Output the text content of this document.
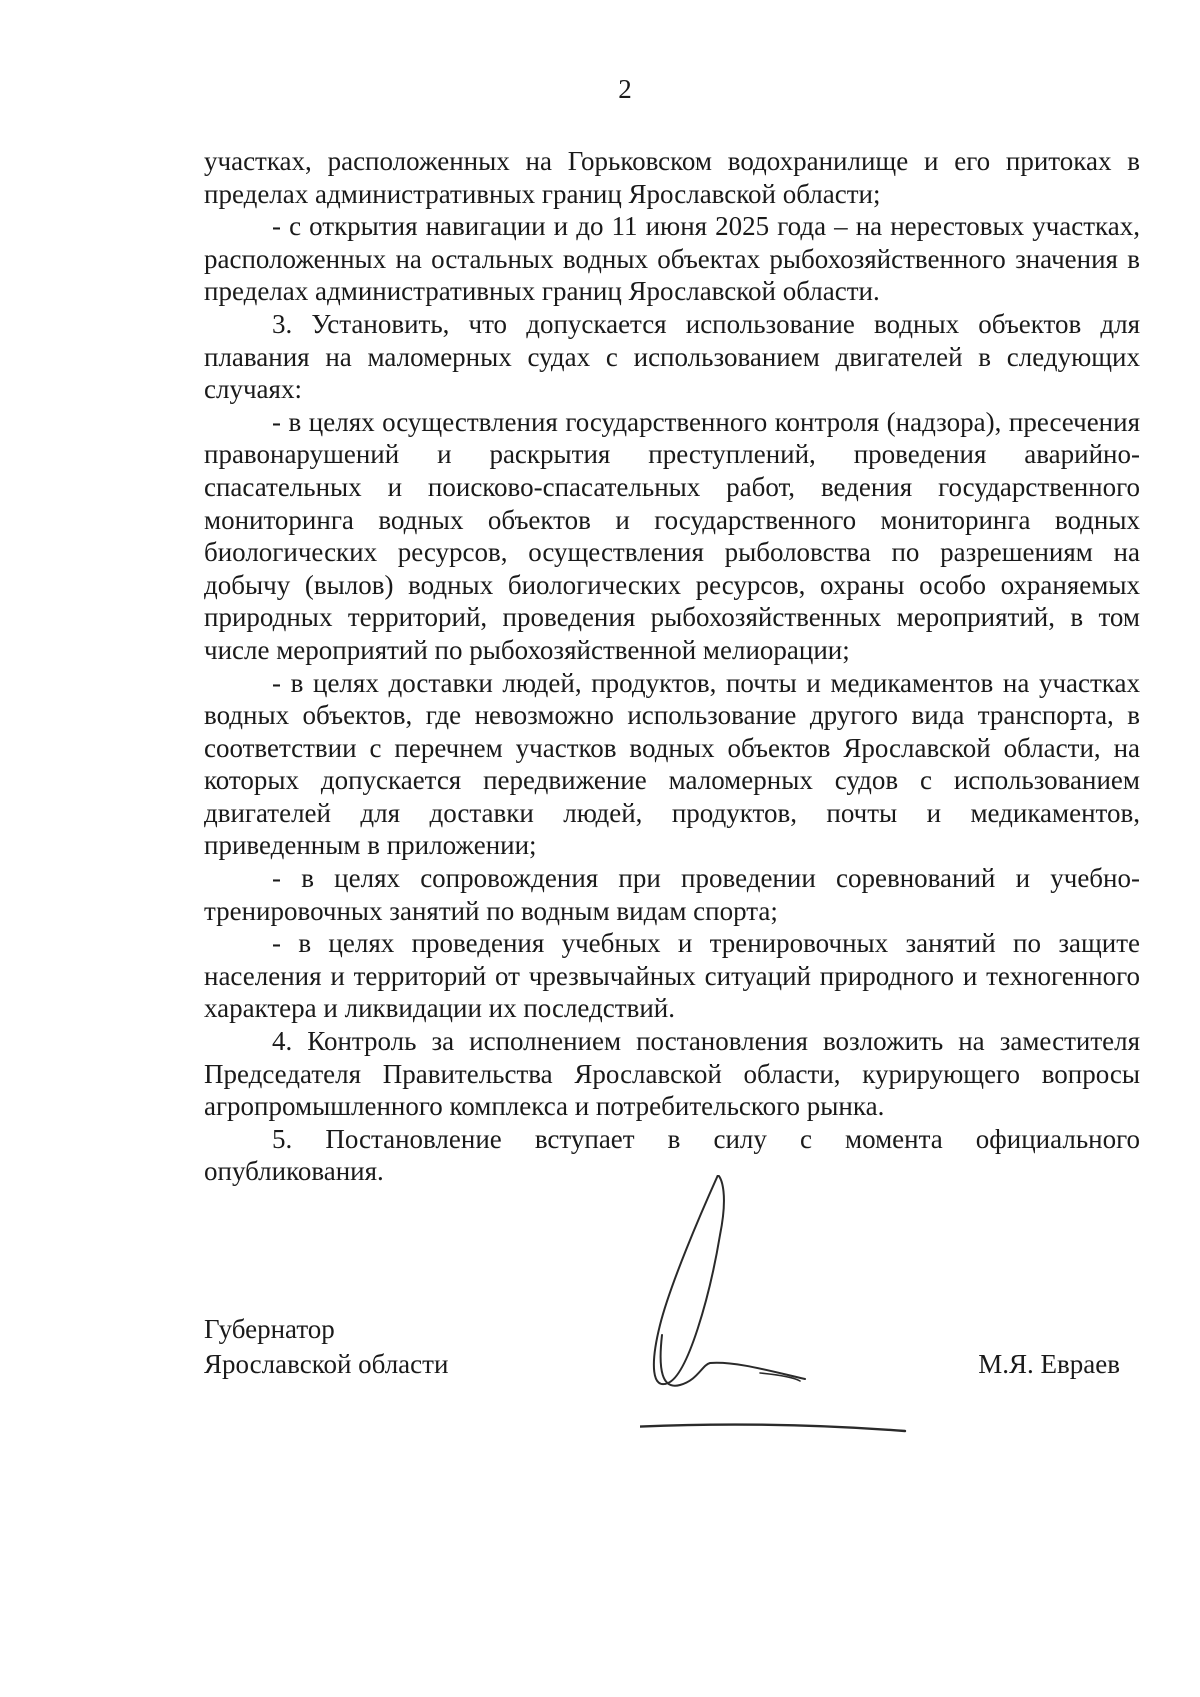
2

участках, расположенных на Горьковском водохранилище и его притоках в пределах административных границ Ярославской области;

- с открытия навигации и до 11 июня 2025 года – на нерестовых участках, расположенных на остальных водных объектах рыбохозяйственного значения в пределах административных границ Ярославской области.

3. Установить, что допускается использование водных объектов для плавания на маломерных судах с использованием двигателей в следующих случаях:

- в целях осуществления государственного контроля (надзора), пресечения правонарушений и раскрытия преступлений, проведения аварийно-спасательных и поисково-спасательных работ, ведения государственного мониторинга водных объектов и государственного мониторинга водных биологических ресурсов, осуществления рыболовства по разрешениям на добычу (вылов) водных биологических ресурсов, охраны особо охраняемых природных территорий, проведения рыбохозяйственных мероприятий, в том числе мероприятий по рыбохозяйственной мелиорации;

- в целях доставки людей, продуктов, почты и медикаментов на участках водных объектов, где невозможно использование другого вида транспорта, в соответствии с перечнем участков водных объектов Ярославской области, на которых допускается передвижение маломерных судов с использованием двигателей для доставки людей, продуктов, почты и медикаментов, приведенным в приложении;

- в целях сопровождения при проведении соревнований и учебно-тренировочных занятий по водным видам спорта;

- в целях проведения учебных и тренировочных занятий по защите населения и территорий от чрезвычайных ситуаций природного и техногенного характера и ликвидации их последствий.

4. Контроль за исполнением постановления возложить на заместителя Председателя Правительства Ярославской области, курирующего вопросы агропромышленного комплекса и потребительского рынка.

5. Постановление вступает в силу с момента официального опубликования.

Губернатор
Ярославской области	М.Я. Евраев
